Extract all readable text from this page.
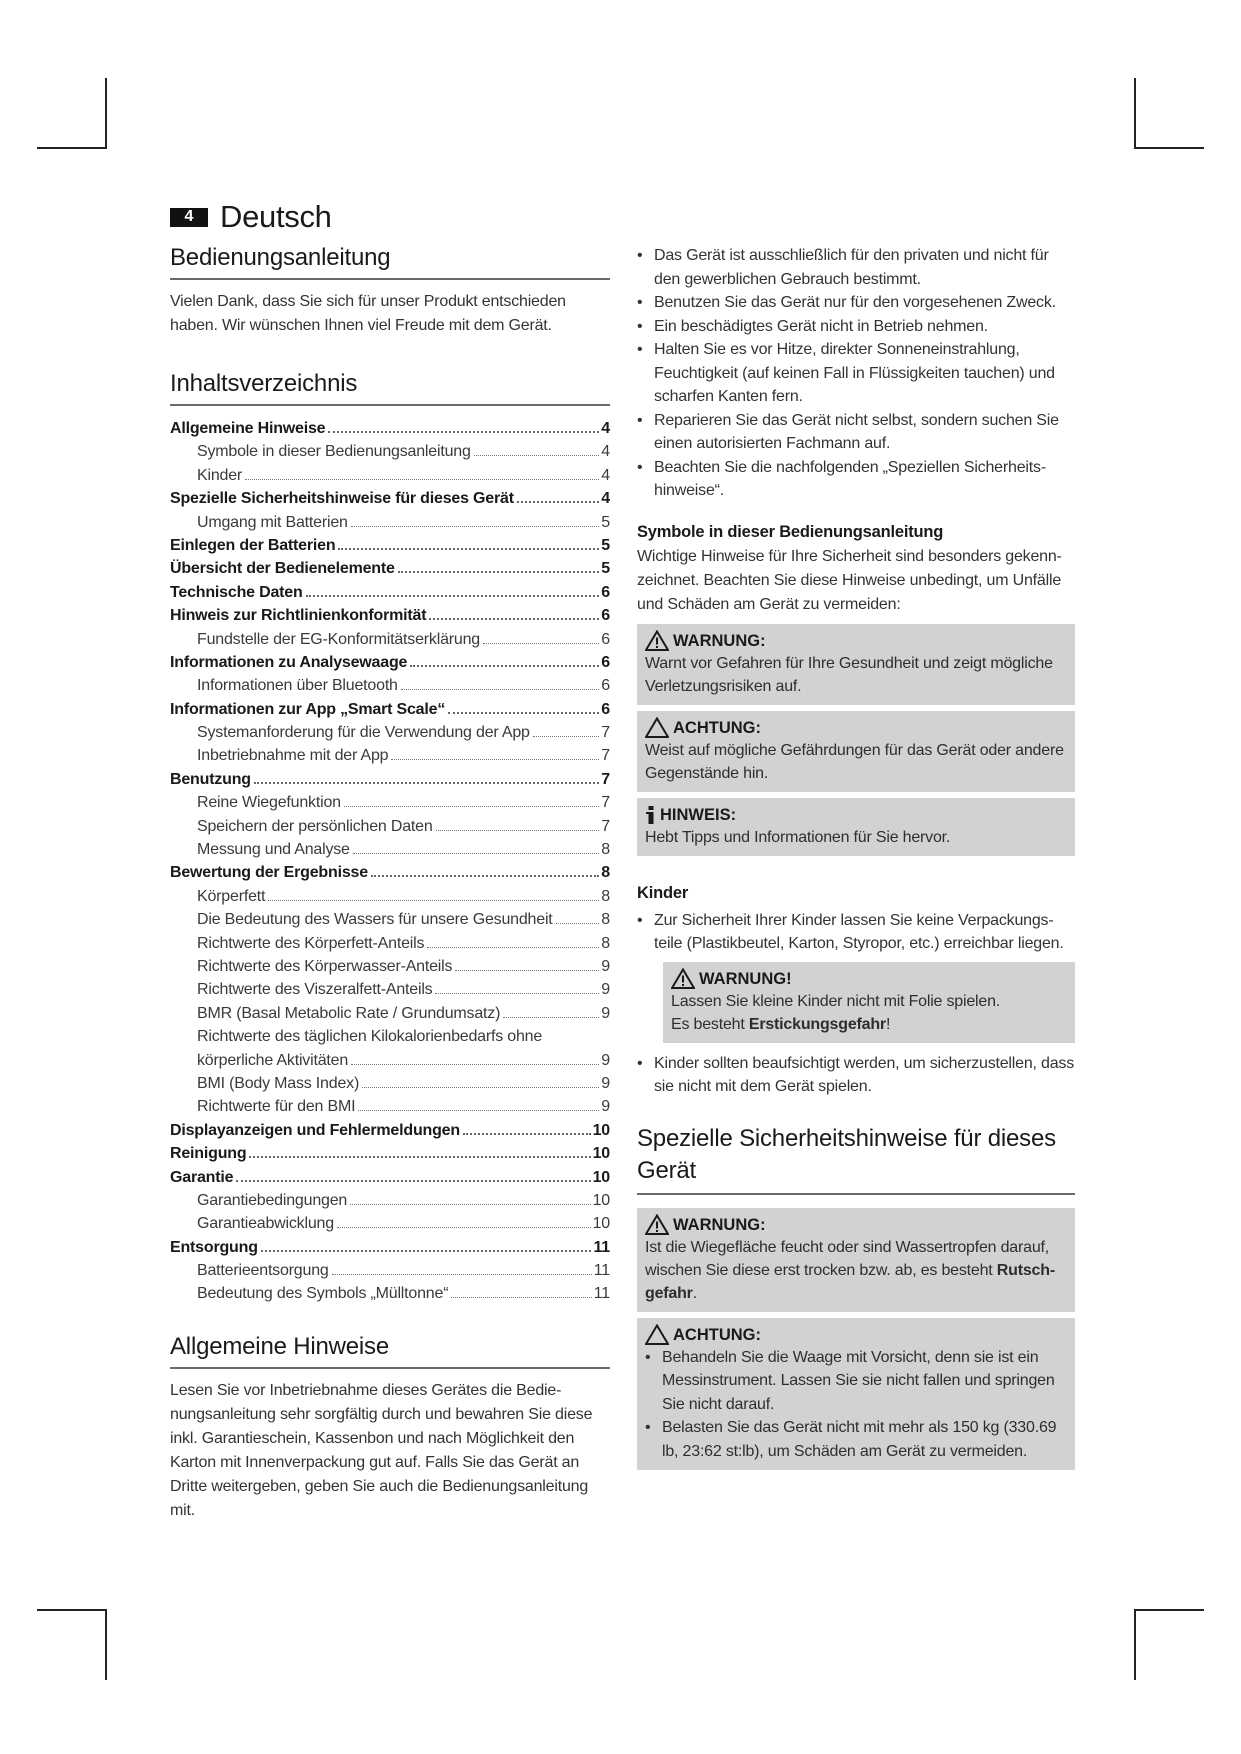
4 Deutsch
Bedienungsanleitung

Vielen Dank, dass Sie sich für unser Produkt entschieden haben. Wir wünschen Ihnen viel Freude mit dem Gerät.

Inhaltsverzeichnis
Allgemeine Hinweise	4
Symbole in dieser Bedienungsanleitung	4
Kinder	4
Spezielle Sicherheitshinweise für dieses Gerät	4
Umgang mit Batterien	5
Einlegen der Batterien	5
Übersicht der Bedienelemente	5
Technische Daten	6
Hinweis zur Richtlinienkonformität	6
Fundstelle der EG-Konformitätserklärung	6
Informationen zu Analysewaage	6
Informationen über Bluetooth	6
Informationen zur App „Smart Scale“	6
Systemanforderung für die Verwendung der App	7
Inbetriebnahme mit der App	7
Benutzung	7
Reine Wiegefunktion	7
Speichern der persönlichen Daten	7
Messung und Analyse	8
Bewertung der Ergebnisse	8
Körperfett	8
Die Bedeutung des Wassers für unsere Gesundheit	8
Richtwerte des Körperfett-Anteils	8
Richtwerte des Körperwasser-Anteils	9
Richtwerte des Viszeralfett-Anteils	9
BMR (Basal Metabolic Rate / Grundumsatz)	9
Richtwerte des täglichen Kilokalorienbedarfs ohne
körperliche Aktivitäten	9
BMI (Body Mass Index)	9
Richtwerte für den BMI	9
Displayanzeigen und Fehlermeldungen	10
Reinigung	10
Garantie	10
Garantiebedingungen	10
Garantieabwicklung	10
Entsorgung	11
Batterieentsorgung	11
Bedeutung des Symbols „Mülltonne“	11
Allgemeine Hinweise

Lesen Sie vor Inbetriebnahme dieses Gerätes die Bedienungsanleitung sehr sorgfältig durch und bewahren Sie diese inkl. Garantieschein, Kassenbon und nach Möglichkeit den Karton mit Innenverpackung gut auf. Falls Sie das Gerät an Dritte weitergeben, geben Sie auch die Bedienungsanleitung mit.

• Das Gerät ist ausschließlich für den privaten und nicht für den gewerblichen Gebrauch bestimmt.
• Benutzen Sie das Gerät nur für den vorgesehenen Zweck.
• Ein beschädigtes Gerät nicht in Betrieb nehmen.
• Halten Sie es vor Hitze, direkter Sonneneinstrahlung, Feuchtigkeit (auf keinen Fall in Flüssigkeiten tauchen) und scharfen Kanten fern.
• Reparieren Sie das Gerät nicht selbst, sondern suchen Sie einen autorisierten Fachmann auf.
• Beachten Sie die nachfolgenden „Speziellen Sicherheitshinweise“.
Symbole in dieser Bedienungsanleitung

Wichtige Hinweise für Ihre Sicherheit sind besonders gekennzeichnet. Beachten Sie diese Hinweise unbedingt, um Unfälle und Schäden am Gerät zu vermeiden:

WARNUNG:
Warnt vor Gefahren für Ihre Gesundheit und zeigt mögliche Verletzungsrisiken auf.
ACHTUNG:
Weist auf mögliche Gefährdungen für das Gerät oder andere Gegenstände hin.
HINWEIS:
Hebt Tipps und Informationen für Sie hervor.
Kinder
• Zur Sicherheit Ihrer Kinder lassen Sie keine Verpackungsteile (Plastikbeutel, Karton, Styropor, etc.) erreichbar liegen.
WARNUNG!
Lassen Sie kleine Kinder nicht mit Folie spielen.
Es besteht Erstickungsgefahr!
• Kinder sollten beaufsichtigt werden, um sicherzustellen, dass sie nicht mit dem Gerät spielen.
Spezielle Sicherheitshinweise für dieses Gerät
WARNUNG:
Ist die Wiegefläche feucht oder sind Wassertropfen darauf, wischen Sie diese erst trocken bzw. ab, es besteht Rutschgefahr.
ACHTUNG:
• Behandeln Sie die Waage mit Vorsicht, denn sie ist ein Messinstrument. Lassen Sie sie nicht fallen und springen Sie nicht darauf.
• Belasten Sie das Gerät nicht mit mehr als 150 kg (330.69 lb, 23:62 st:lb), um Schäden am Gerät zu vermeiden.
